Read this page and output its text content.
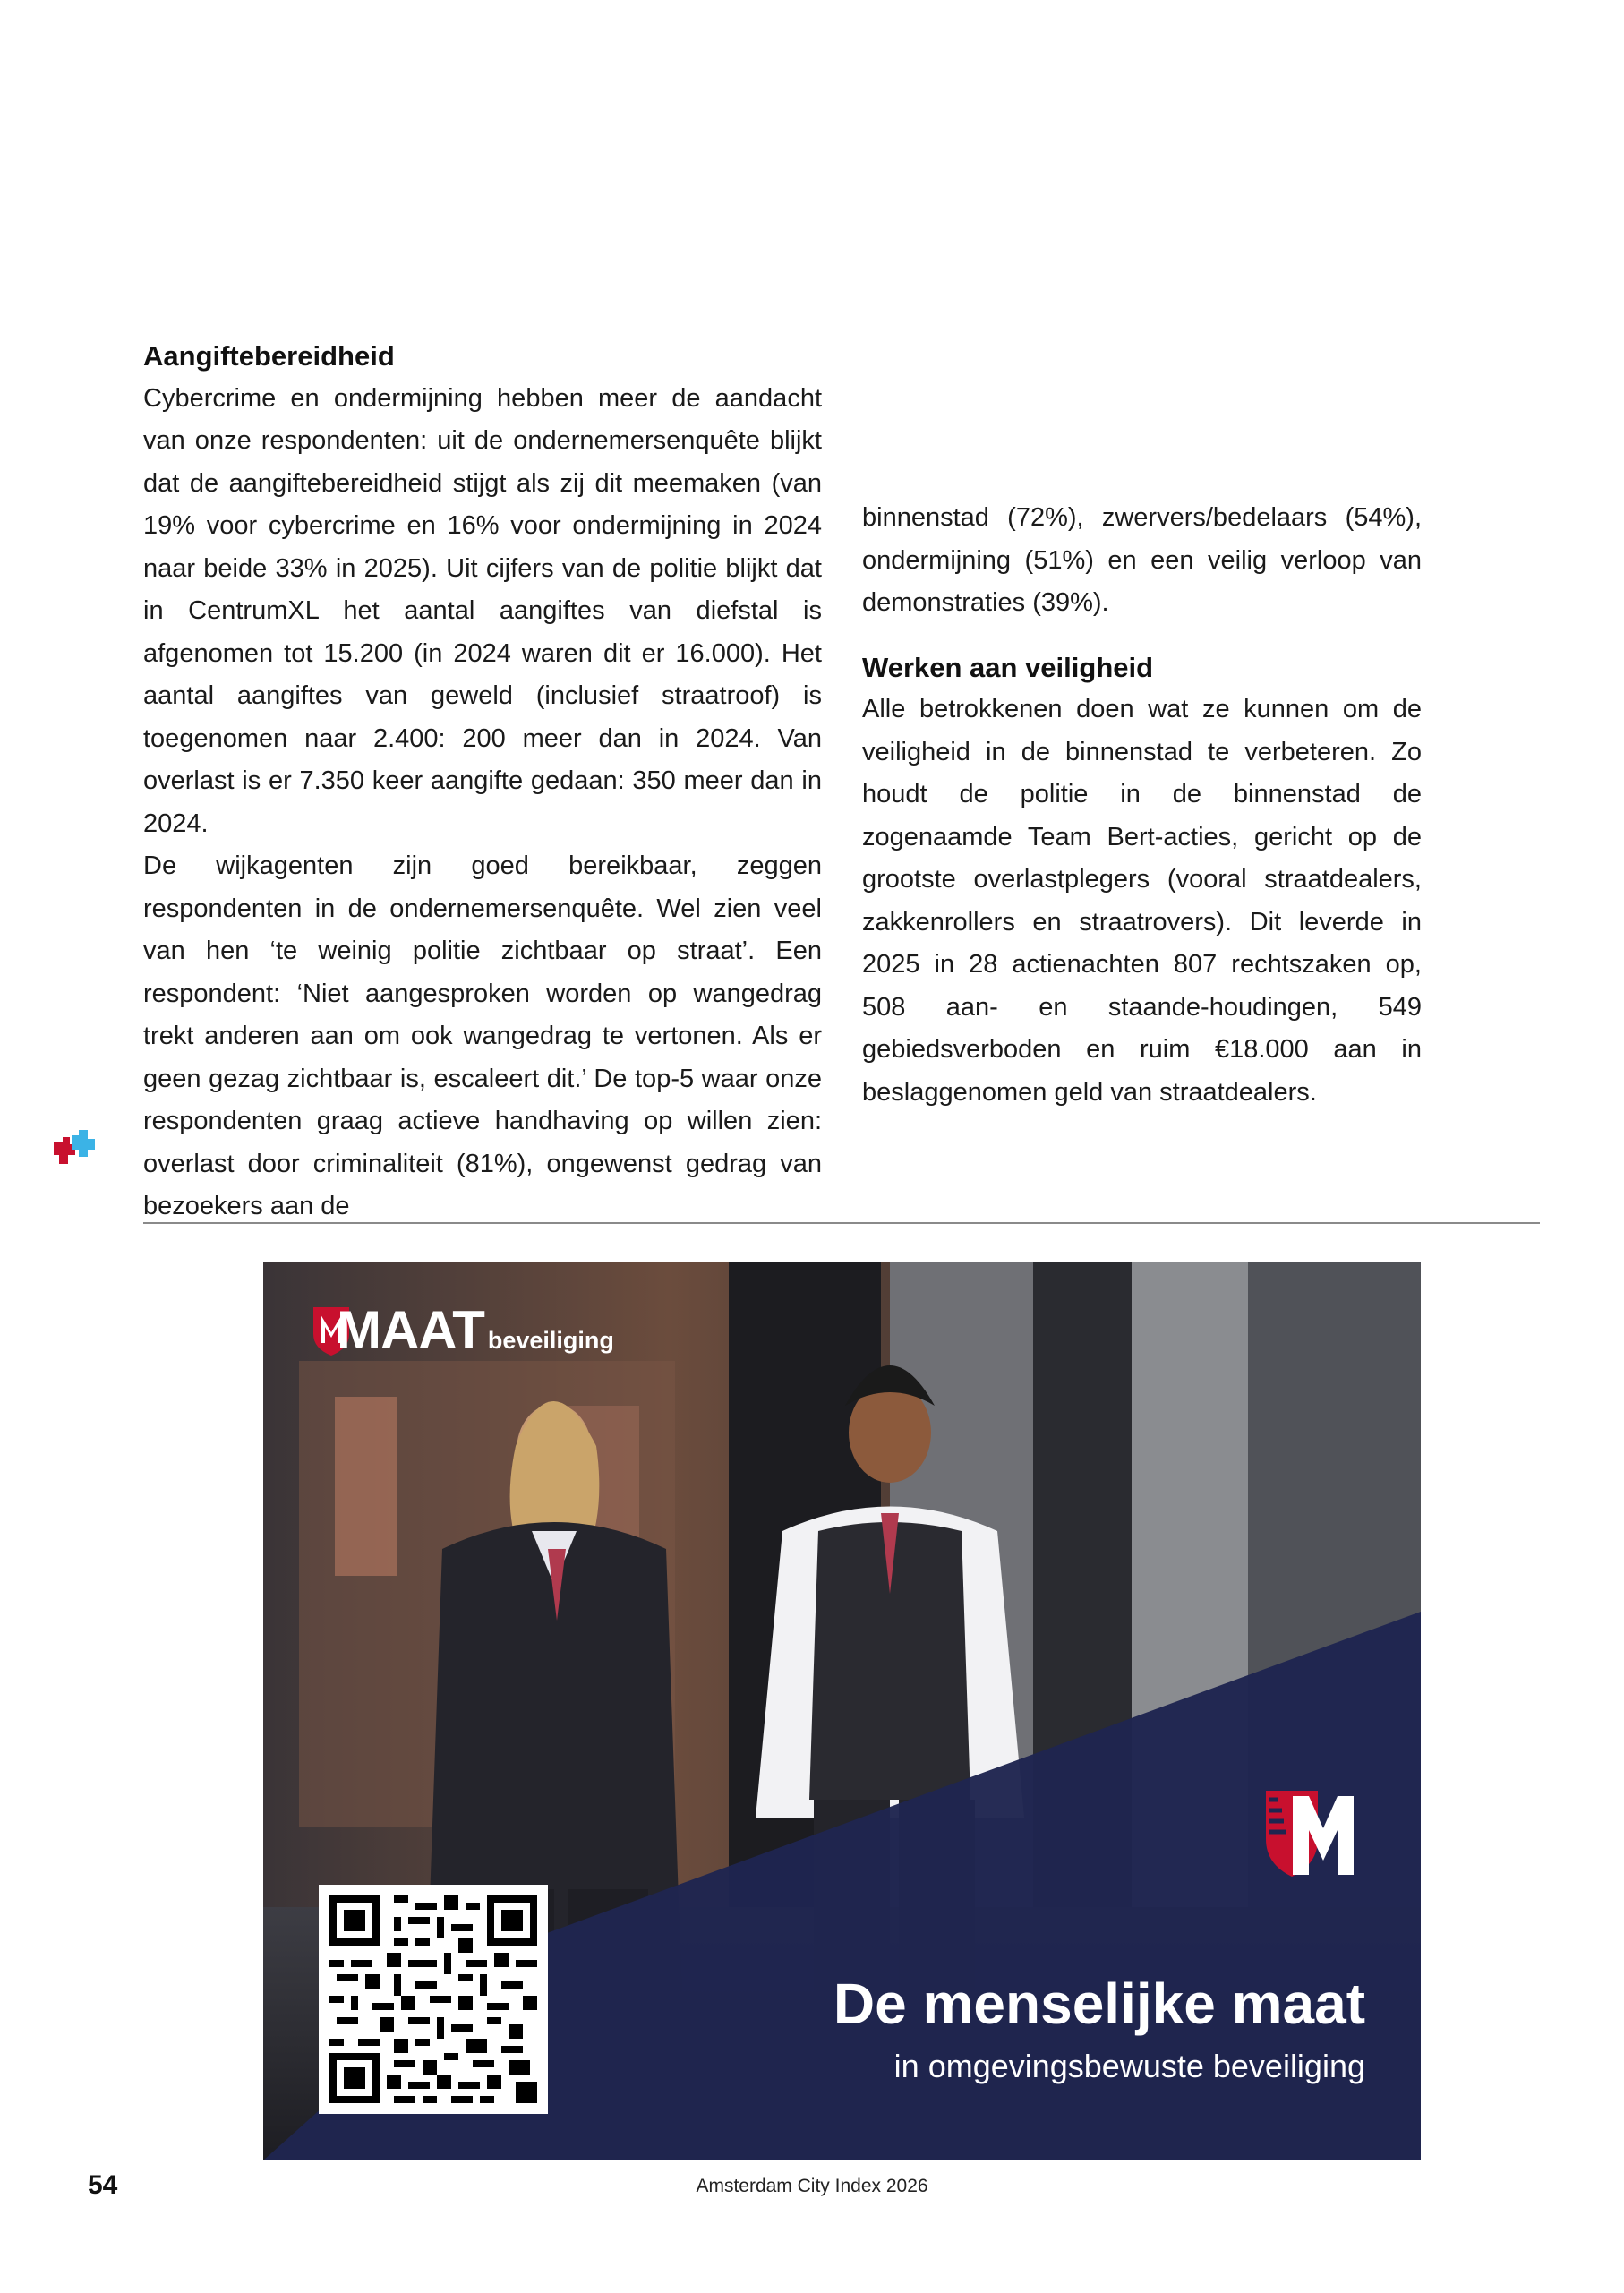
Aangiftebereidheid

Cybercrime en ondermijning hebben meer de aandacht van onze respondenten: uit de ondernemersenquête blijkt dat de aangiftebereidheid stijgt als zij dit meemaken (van 19% voor cybercrime en 16% voor ondermijning in 2024 naar beide 33% in 2025). Uit cijfers van de politie blijkt dat in CentrumXL het aantal aangiftes van diefstal is afgenomen tot 15.200 (in 2024 waren dit er 16.000). Het aantal aangiftes van geweld (inclusief straatroof) is toegenomen naar 2.400: 200 meer dan in 2024. Van overlast is er 7.350 keer aangifte gedaan: 350 meer dan in 2024.

De wijkagenten zijn goed bereikbaar, zeggen respondenten in de ondernemersenquête. Wel zien veel van hen ‘te weinig politie zichtbaar op straat’. Een respondent: ‘Niet aangesproken worden op wangedrag trekt anderen aan om ook wangedrag te vertonen. Als er geen gezag zichtbaar is, escaleert dit.’ De top-5 waar onze respondenten graag actieve handhaving op willen zien: overlast door criminaliteit (81%), ongewenst gedrag van bezoekers aan de

binnenstad (72%), zwervers/bedelaars (54%), ondermijning (51%) en een veilig verloop van demonstraties (39%).

Werken aan veiligheid

Alle betrokkenen doen wat ze kunnen om de veiligheid in de binnenstad te verbeteren. Zo houdt de politie in de binnenstad de zogenaamde Team Bert-acties, gericht op de grootste overlastplegers (vooral straatdealers, zakkenrollers en straatrovers). Dit leverde in 2025 in 28 actienachten 807 rechtszaken op, 508 aan- en staande-houdingen, 549 gebiedsverboden en ruim €18.000 aan in beslaggenomen geld van straatdealers.

MAAT beveiliging
De menselijke maat
in omgevingsbewuste beveiliging
54	Amsterdam City Index 2026
